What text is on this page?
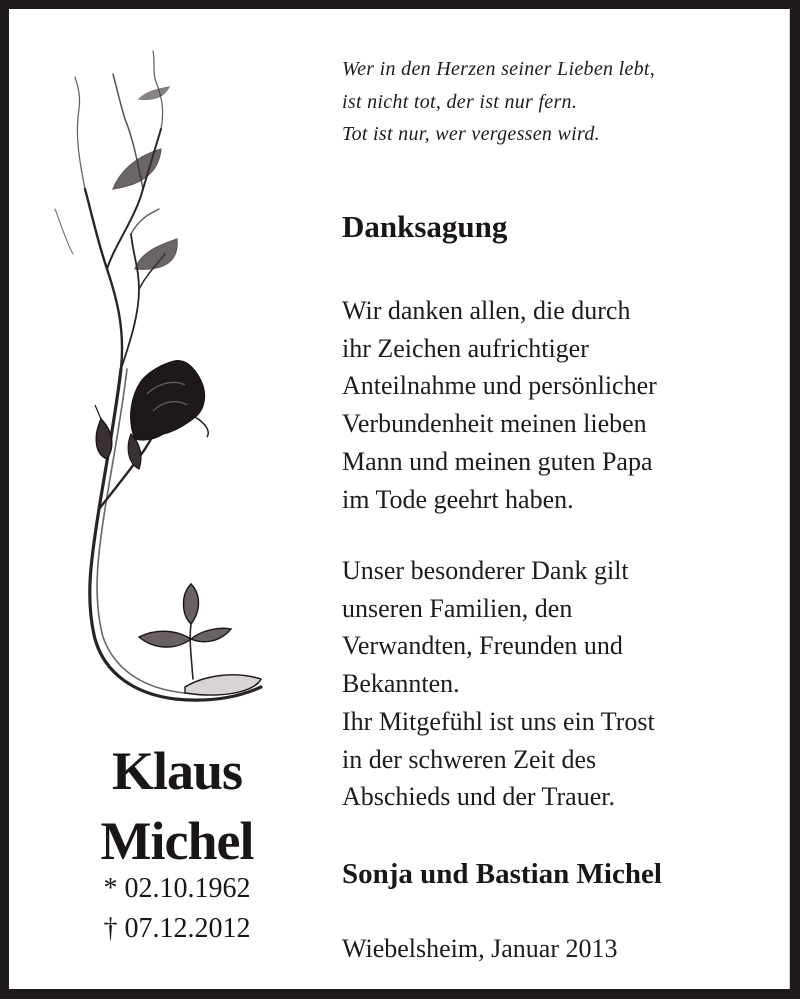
Klaus
Michel
* 02.10.1962
† 07.12.2012
Wer in den Herzen seiner Lieben lebt,
ist nicht tot, der ist nur fern.
Tot ist nur, wer vergessen wird.
Danksagung
Wir danken allen, die durch
ihr Zeichen aufrichtiger
Anteilnahme und persönlicher
Verbundenheit meinen lieben
Mann und meinen guten Papa
im Tode geehrt haben.
Unser besonderer Dank gilt
unseren Familien, den
Verwandten, Freunden und
Bekannten.
Ihr Mitgefühl ist uns ein Trost
in der schweren Zeit des
Abschieds und der Trauer.
Sonja und Bastian Michel
Wiebelsheim, Januar 2013
